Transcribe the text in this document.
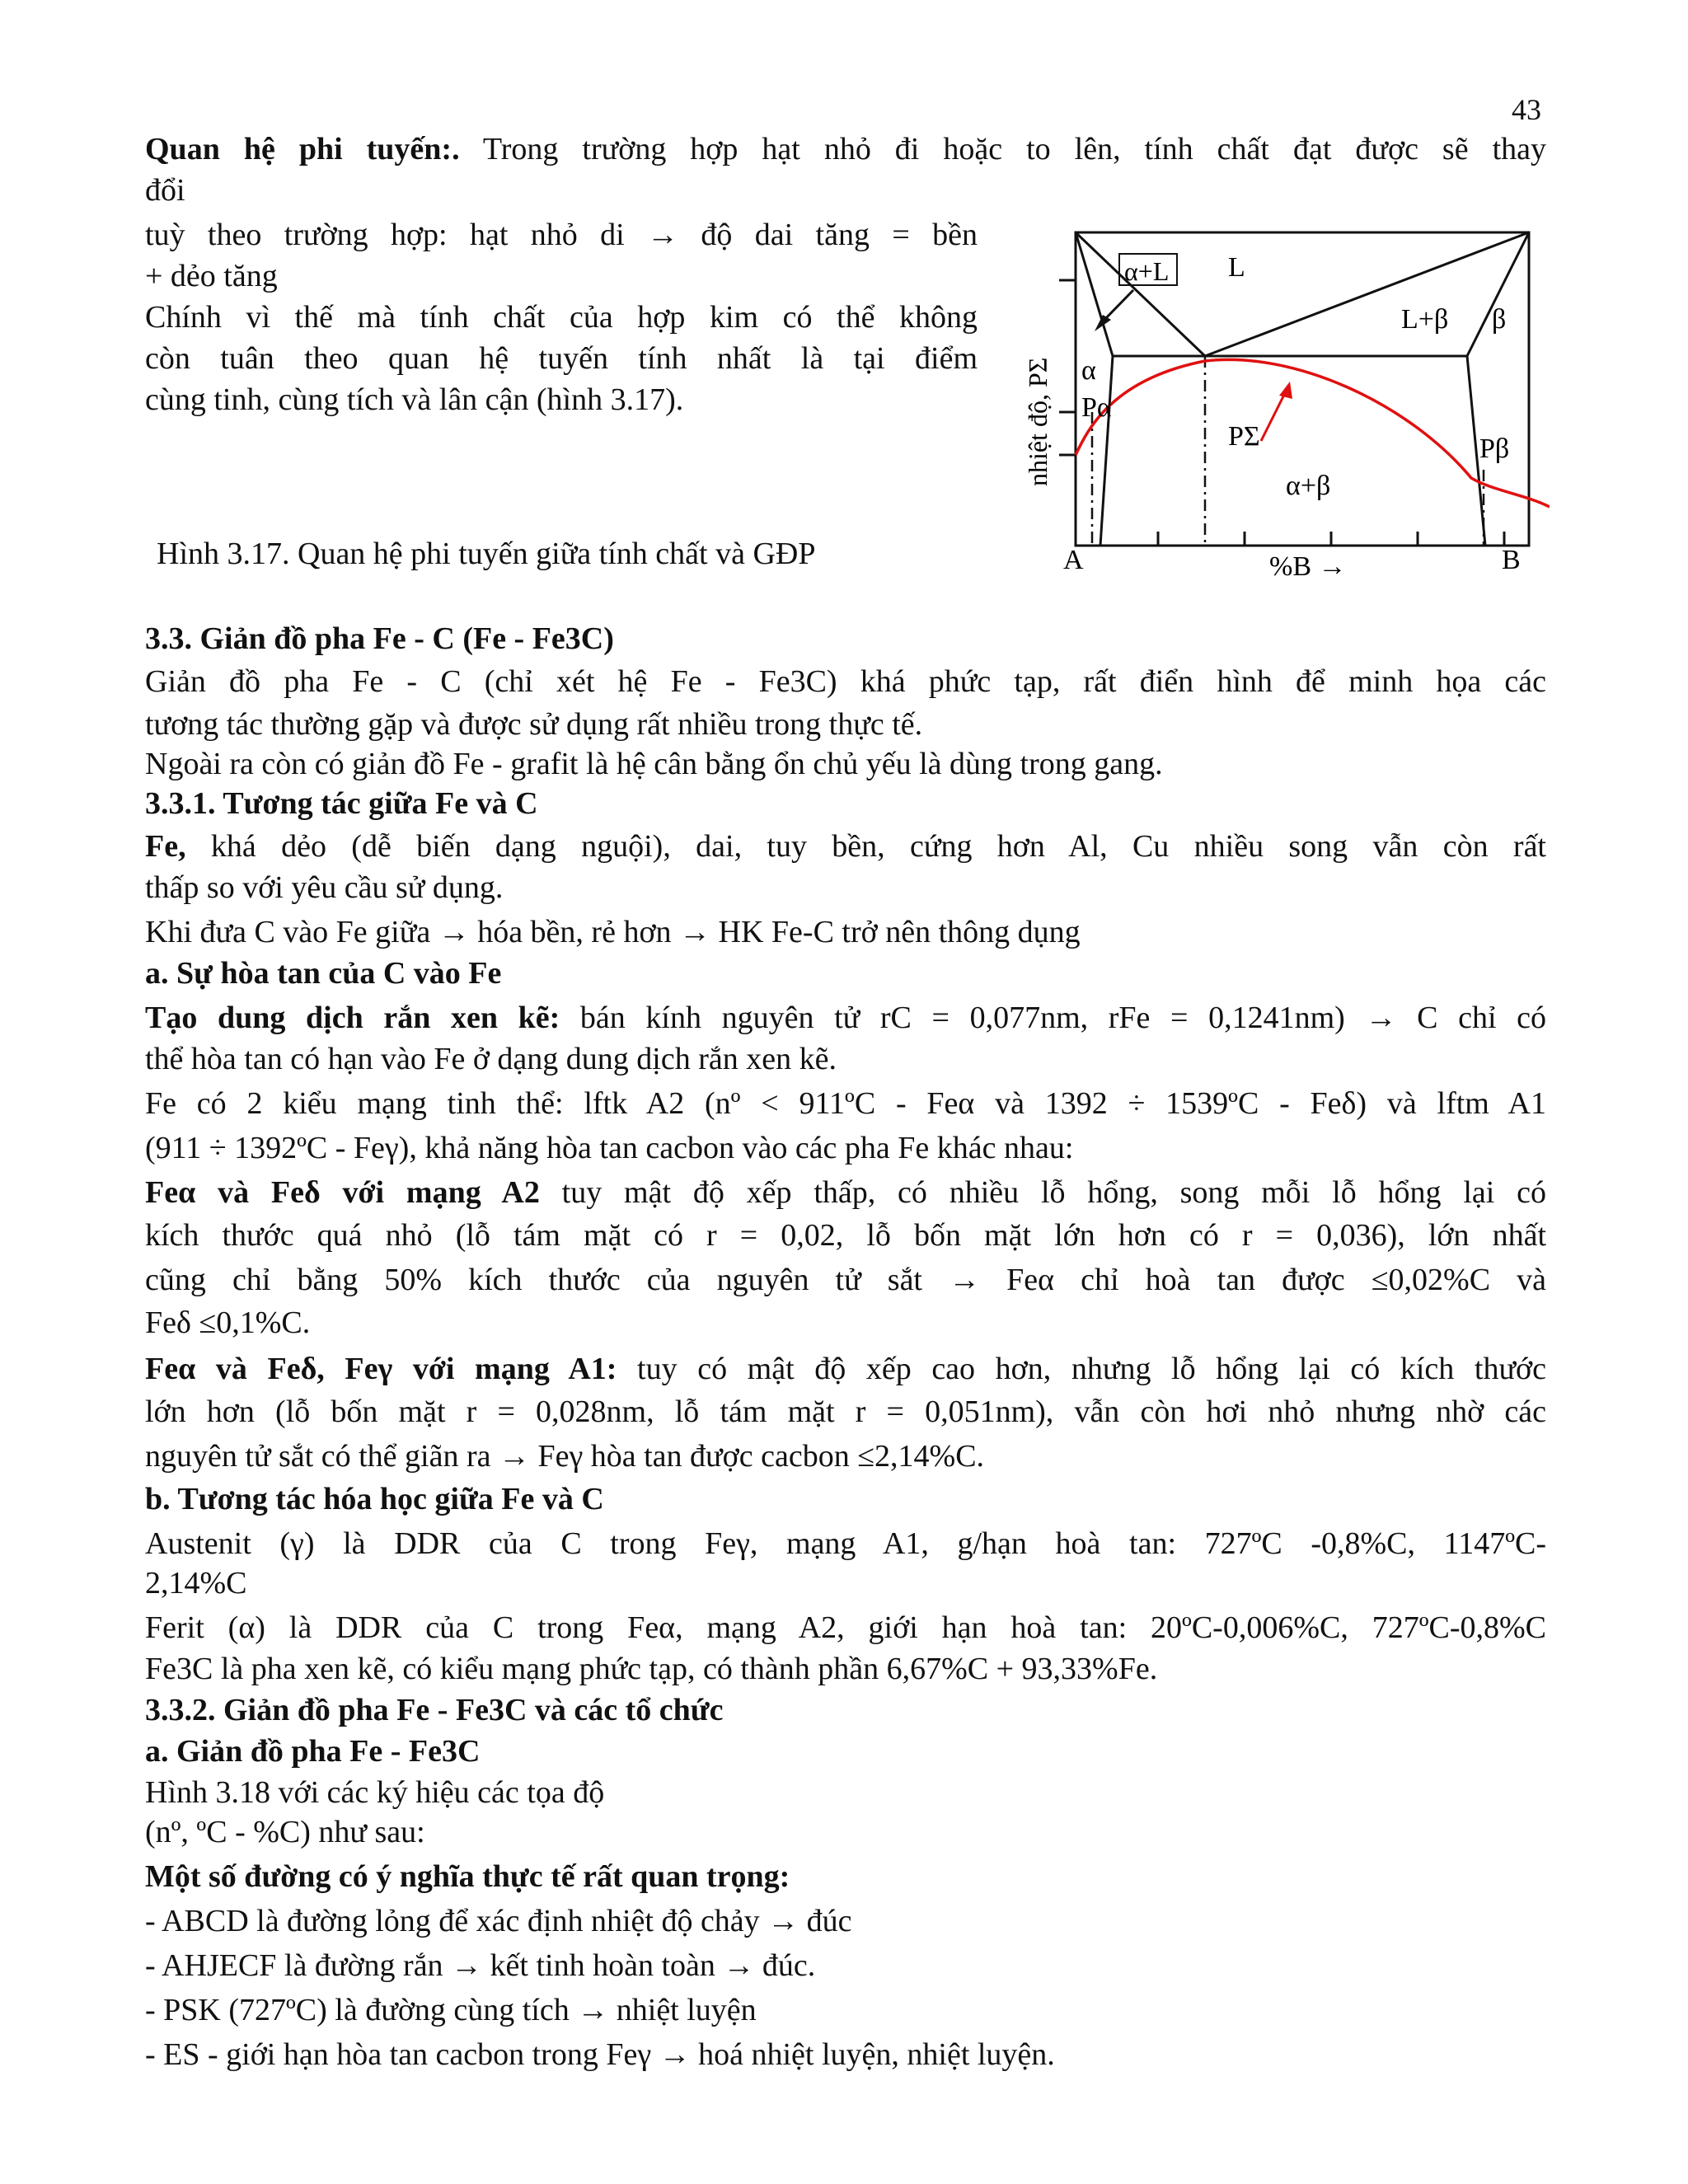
43
Quan hệ phi tuyến:. Trong trường hợp hạt nhỏ đi hoặc to lên, tính chất đạt được sẽ thay
đổi
tuỳ theo trường hợp: hạt nhỏ di → độ dai tăng = bền
+ dẻo tăng
Chính vì thế mà tính chất của hợp kim có thể không
còn tuân theo quan hệ tuyến tính nhất là tại điểm
cùng tinh, cùng tích và lân cận (hình 3.17).
Hình 3.17. Quan hệ phi tuyến giữa tính chất và GĐP
α+L L
L+β β
α
Pα
PΣ	Pβ
α+β
nhiệt độ, PΣ
A	%B →	B
3.3. Giản đồ pha Fe - C (Fe - Fe3C)
Giản đồ pha Fe - C (chỉ xét hệ Fe - Fe3C) khá phức tạp, rất điển hình để minh họa các
tương tác thường gặp và được sử dụng rất nhiều trong thực tế.
Ngoài ra còn có giản đồ Fe - grafit là hệ cân bằng ổn chủ yếu là dùng trong gang.
3.3.1. Tương tác giữa Fe và C
Fe, khá dẻo (dễ biến dạng nguội), dai, tuy bền, cứng hơn Al, Cu nhiều song vẫn còn rất
thấp so với yêu cầu sử dụng.
Khi đưa C vào Fe giữa → hóa bền, rẻ hơn → HK Fe-C trở nên thông dụng
a. Sự hòa tan của C vào Fe
Tạo dung dịch rắn xen kẽ: bán kính nguyên tử rC = 0,077nm, rFe = 0,1241nm) → C chỉ có
thể hòa tan có hạn vào Fe ở dạng dung dịch rắn xen kẽ.
Fe có 2 kiểu mạng tinh thể: lftk A2 (nº < 911ºC - Feα và 1392 ÷ 1539ºC - Feδ) và lftm A1
(911 ÷ 1392ºC - Feγ), khả năng hòa tan cacbon vào các pha Fe khác nhau:
Feα và Feδ với mạng A2 tuy mật độ xếp thấp, có nhiều lỗ hổng, song mỗi lỗ hổng lại có
kích thước quá nhỏ (lỗ tám mặt có r = 0,02, lỗ bốn mặt lớn hơn có r = 0,036), lớn nhất
cũng chỉ bằng 50% kích thước của nguyên tử sắt → Feα chỉ hoà tan được ≤0,02%C và
Feδ ≤0,1%C.
Feα và Feδ, Feγ với mạng A1: tuy có mật độ xếp cao hơn, nhưng lỗ hổng lại có kích thước
lớn hơn (lỗ bốn mặt r = 0,028nm, lỗ tám mặt r = 0,051nm), vẫn còn hơi nhỏ nhưng nhờ các
nguyên tử sắt có thể giãn ra → Feγ hòa tan được cacbon ≤2,14%C.
b. Tương tác hóa học giữa Fe và C
Austenit (γ) là DDR của C trong Feγ, mạng A1, g/hạn hoà tan: 727ºC -0,8%C, 1147ºC-
2,14%C
Ferit (α) là DDR của C trong Feα, mạng A2, giới hạn hoà tan: 20ºC-0,006%C, 727ºC-0,8%C
Fe3C là pha xen kẽ, có kiểu mạng phức tạp, có thành phần 6,67%C + 93,33%Fe.
3.3.2. Giản đồ pha Fe - Fe3C và các tổ chức
a. Giản đồ pha Fe - Fe3C
Hình 3.18 với các ký hiệu các tọa độ
(nº, ºC - %C) như sau:
Một số đường có ý nghĩa thực tế rất quan trọng:
- ABCD là đường lỏng để xác định nhiệt độ chảy → đúc
- AHJECF là đường rắn → kết tinh hoàn toàn → đúc.
- PSK (727ºC) là đường cùng tích → nhiệt luyện
- ES - giới hạn hòa tan cacbon trong Feγ → hoá nhiệt luyện, nhiệt luyện.
